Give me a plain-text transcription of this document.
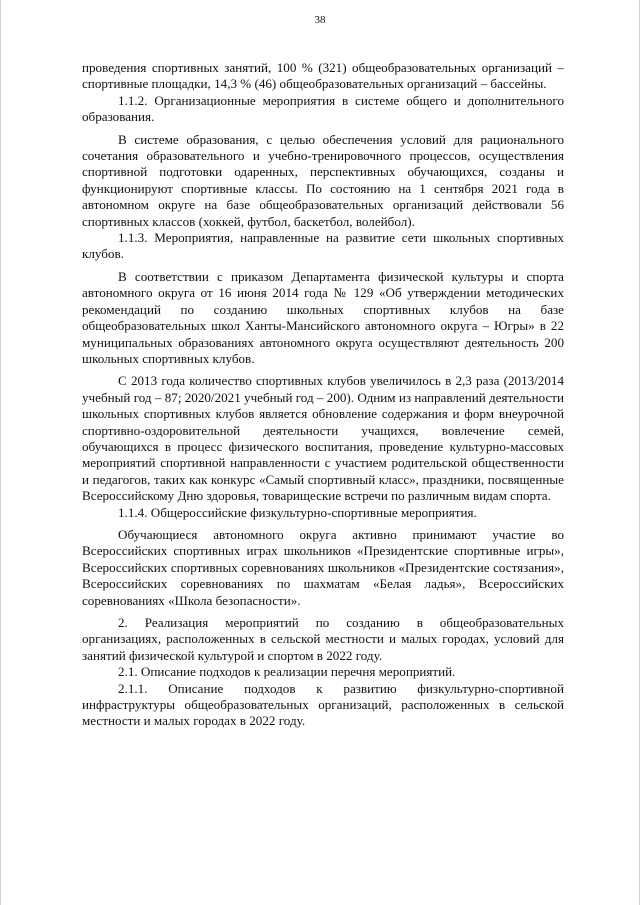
38

проведения спортивных занятий, 100 % (321) общеобразовательных организаций – спортивные площадки, 14,3 % (46) общеобразовательных организаций – бассейны.

1.1.2. Организационные мероприятия в системе общего и дополнительного образования.

В системе образования, с целью обеспечения условий для рационального сочетания образовательного и учебно-тренировочного процессов, осуществления спортивной подготовки одаренных, перспективных обучающихся, созданы и функционируют спортивные классы. По состоянию на 1 сентября 2021 года в автономном округе на базе общеобразовательных организаций действовали 56 спортивных классов (хоккей, футбол, баскетбол, волейбол).

1.1.3. Мероприятия, направленные на развитие сети школьных спортивных клубов.

В соответствии с приказом Департамента физической культуры и спорта автономного округа от 16 июня 2014 года № 129 «Об утверждении методических рекомендаций по созданию школьных спортивных клубов на базе общеобразовательных школ Ханты-Мансийского автономного округа – Югры» в 22 муниципальных образованиях автономного округа осуществляют деятельность 200 школьных спортивных клубов.

С 2013 года количество спортивных клубов увеличилось в 2,3 раза (2013/2014 учебный год – 87; 2020/2021 учебный год – 200). Одним из направлений деятельности школьных спортивных клубов является обновление содержания и форм внеурочной спортивно-оздоровительной деятельности учащихся, вовлечение семей, обучающихся в процесс физического воспитания, проведение культурно-массовых мероприятий спортивной направленности с участием родительской общественности и педагогов, таких как конкурс «Самый спортивный класс», праздники, посвященные Всероссийскому Дню здоровья, товарищеские встречи по различным видам спорта.

1.1.4. Общероссийские физкультурно-спортивные мероприятия.

Обучающиеся автономного округа активно принимают участие во Всероссийских спортивных играх школьников «Президентские спортивные игры», Всероссийских спортивных соревнованиях школьников «Президентские состязания», Всероссийских соревнованиях по шахматам «Белая ладья», Всероссийских соревнованиях «Школа безопасности».

2. Реализация мероприятий по созданию в общеобразовательных организациях, расположенных в сельской местности и малых городах, условий для занятий физической культурой и спортом в 2022 году.

2.1. Описание подходов к реализации перечня мероприятий.

2.1.1. Описание подходов к развитию физкультурно-спортивной инфраструктуры общеобразовательных организаций, расположенных в сельской местности и малых городах в 2022 году.
